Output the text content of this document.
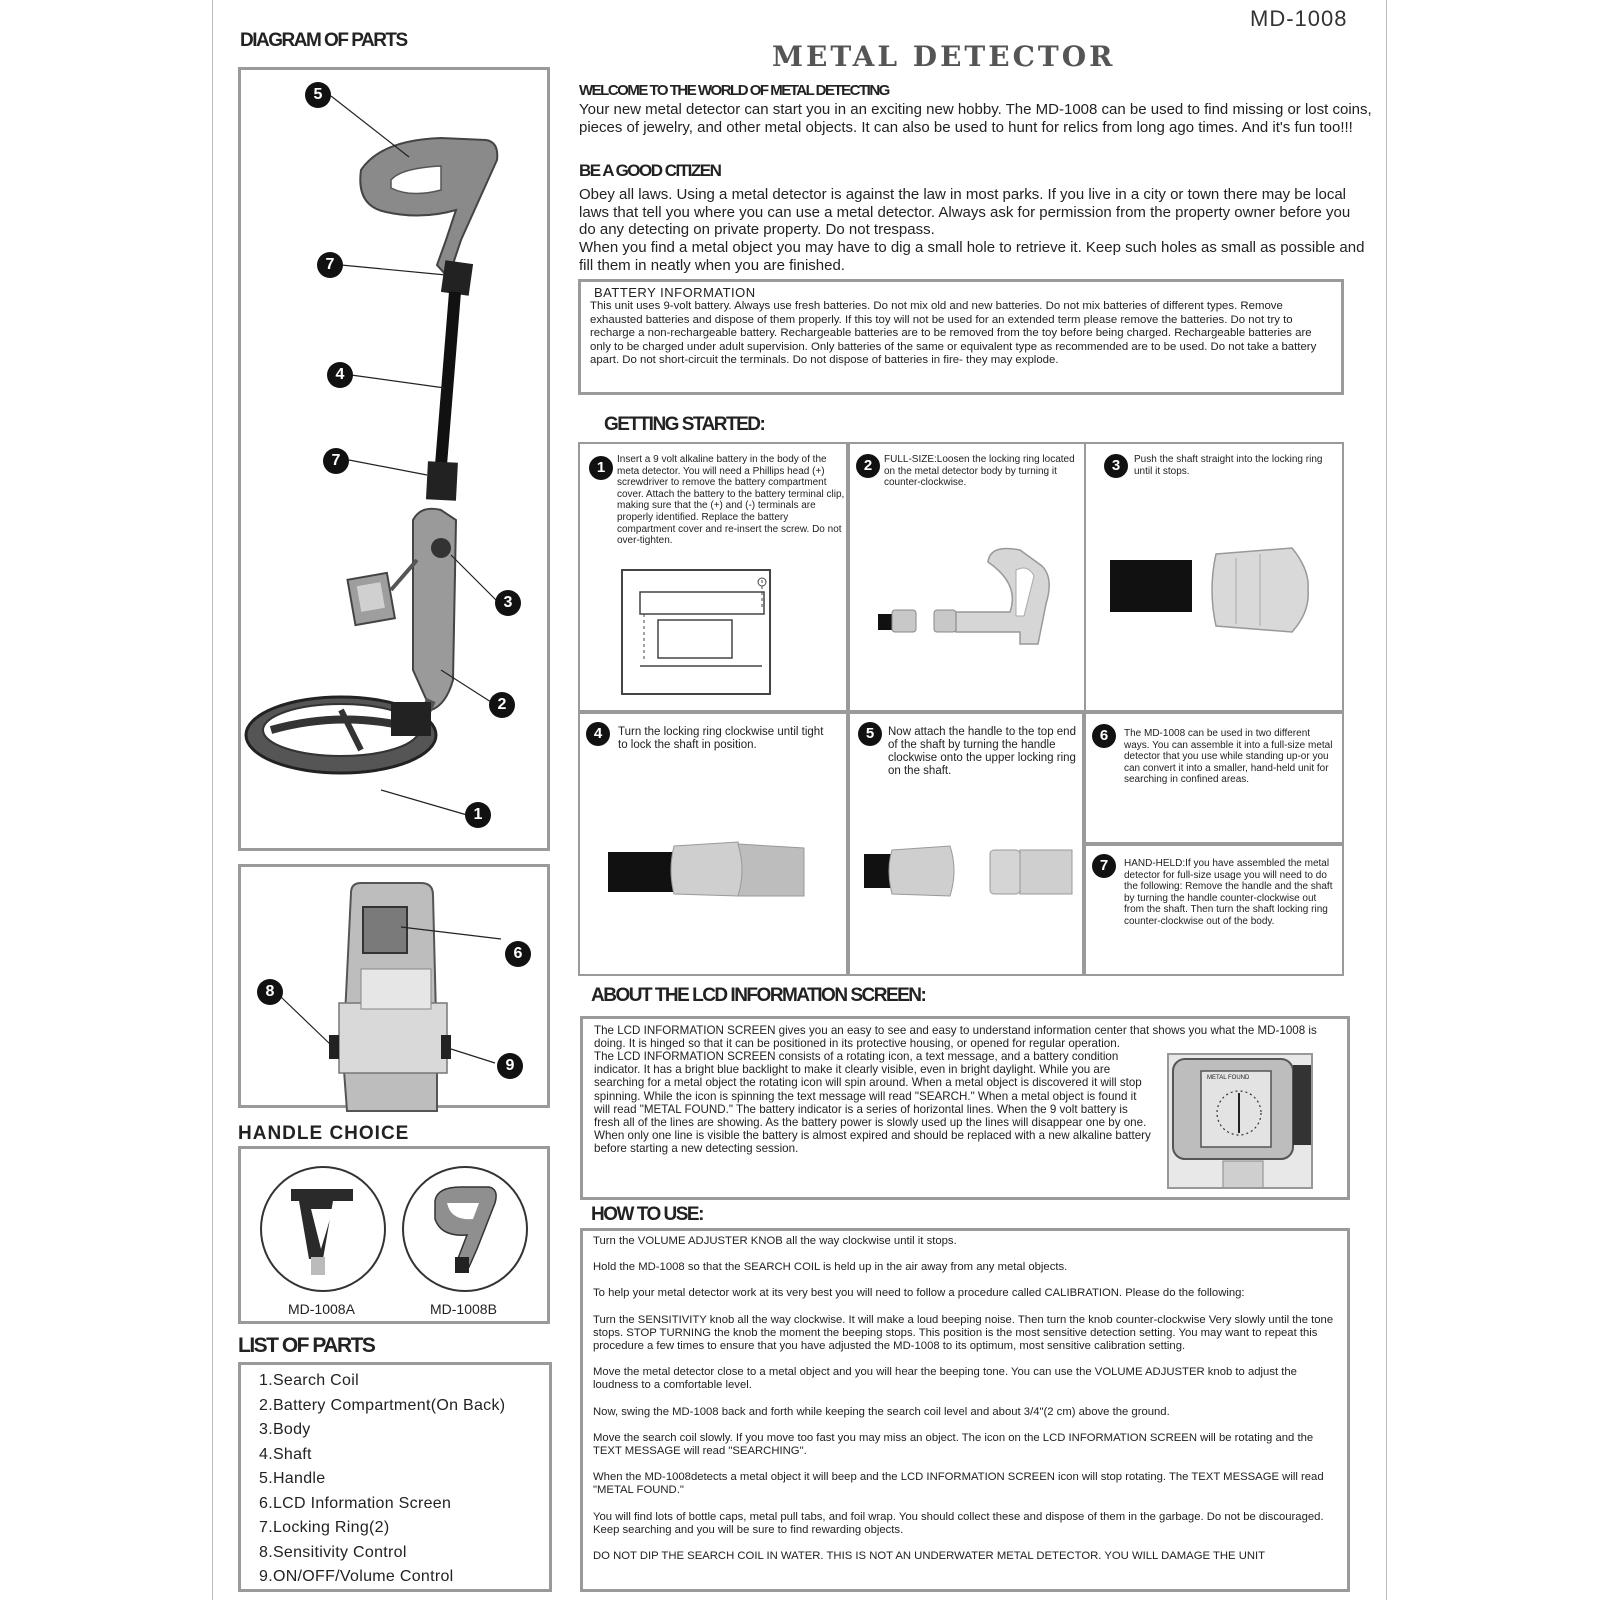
MD-1008
METAL DETECTOR
DIAGRAM OF PARTS
5
7
4
7
3
2
1
6
8
9
HANDLE CHOICE
MD-1008A	MD-1008B
LIST OF PARTS
1.Search Coil
2.Battery Compartment(On Back)
3.Body
4.Shaft
5.Handle
6.LCD Information Screen
7.Locking Ring(2)
8.Sensitivity Control
9.ON/OFF/Volume Control
WELCOME TO THE WORLD OF METAL DETECTING
Your new metal detector can start you in an exciting new hobby. The MD-1008 can be used to find missing or lost coins, pieces of jewelry, and other metal objects. It can also be used to hunt for relics from long ago times. And it's fun too!!!
BE A GOOD CITIZEN
Obey all laws. Using a metal detector is against the law in most parks. If you live in a city or town there may be local laws that tell you where you can use a metal detector. Always ask for permission from the property owner before you do any detecting on private property. Do not trespass.
When you find a metal object you may have to dig a small hole to retrieve it. Keep such holes as small as possible and fill them in neatly when you are finished.
BATTERY INFORMATION
This unit uses 9-volt battery. Always use fresh batteries. Do not mix old and new batteries. Do not mix batteries of different types. Remove exhausted batteries and dispose of them properly. If this toy will not be used for an extended term please remove the batteries. Do not try to recharge a non-rechargeable battery. Rechargeable batteries are to be removed from the toy before being charged. Rechargeable batteries are only to be charged under adult supervision. Only batteries of the same or equivalent type as recommended are to be used. Do not take a battery apart. Do not short-circuit the terminals. Do not dispose of batteries in fire- they may explode.
GETTING STARTED:
1	Insert a 9 volt alkaline battery in the body of the meta detector. You will need a Phillips head (+) screwdriver to remove the battery compartment cover. Attach the battery to the battery terminal clip, making sure that the (+) and (-) terminals are properly identified. Replace the battery compartment cover and re-insert the screw. Do not over-tighten.
2	FULL-SIZE:Loosen the locking ring located on the metal detector body by turning it counter-clockwise.
3	Push the shaft straight into the locking ring until it stops.
4	Turn the locking ring clockwise until tight to lock the shaft in position.
5	Now attach the handle to the top end of the shaft by turning the handle clockwise onto the upper locking ring on the shaft.
6	The MD-1008 can be used in two different ways. You can assemble it into a full-size metal detector that you use while standing up-or you can convert it into a smaller, hand-held unit for searching in confined areas.
7	HAND-HELD:If you have assembled the metal detector for full-size usage you will need to do the following: Remove the handle and the shaft by turning the handle counter-clockwise out from the shaft. Then turn the shaft locking ring counter-clockwise out of the body.
ABOUT THE LCD INFORMATION SCREEN:
The LCD INFORMATION SCREEN gives you an easy to see and easy to understand information center that shows you what the MD-1008 is doing. It is hinged so that it can be positioned in its protective housing, or opened for regular operation.
The LCD INFORMATION SCREEN consists of a rotating icon, a text message, and a battery condition indicator. It has a bright blue backlight to make it clearly visible, even in bright daylight. While you are searching for a metal object the rotating icon will spin around. When a metal object is discovered it will stop spinning. While the icon is spinning the text message will read "SEARCH." When a metal object is found it will read "METAL FOUND." The battery indicator is a series of horizontal lines. When the 9 volt battery is fresh all of the lines are showing. As the battery power is slowly used up the lines will disappear one by one. When only one line is visible the battery is almost expired and should be replaced with a new alkaline battery before starting a new detecting session.
METAL FOUND
HOW TO USE:

Turn the VOLUME ADJUSTER KNOB all the way clockwise until it stops.

Hold the MD-1008 so that the SEARCH COIL is held up in the air away from any metal objects.

To help your metal detector work at its very best you will need to follow a procedure called CALIBRATION. Please do the following:

Turn the SENSITIVITY knob all the way clockwise. It will make a loud beeping noise. Then turn the knob counter-clockwise Very slowly until the tone stops. STOP TURNING the knob the moment the beeping stops. This position is the most sensitive detection setting. You may want to repeat this procedure a few times to ensure that you have adjusted the MD-1008 to its optimum, most sensitive calibration setting.

Move the metal detector close to a metal object and you will hear the beeping tone. You can use the VOLUME ADJUSTER knob to adjust the loudness to a comfortable level.

Now, swing the MD-1008 back and forth while keeping the search coil level and about 3/4"(2 cm) above the ground.

Move the search coil slowly. If you move too fast you may miss an object. The icon on the LCD INFORMATION SCREEN will be rotating and the TEXT MESSAGE will read "SEARCHING".

When the MD-1008detects a metal object it will beep and the LCD INFORMATION SCREEN icon will stop rotating. The TEXT MESSAGE will read "METAL FOUND."

You will find lots of bottle caps, metal pull tabs, and foil wrap. You should collect these and dispose of them in the garbage. Do not be discouraged. Keep searching and you will be sure to find rewarding objects.

DO NOT DIP THE SEARCH COIL IN WATER. THIS IS NOT AN UNDERWATER METAL DETECTOR. YOU WILL DAMAGE THE UNIT
